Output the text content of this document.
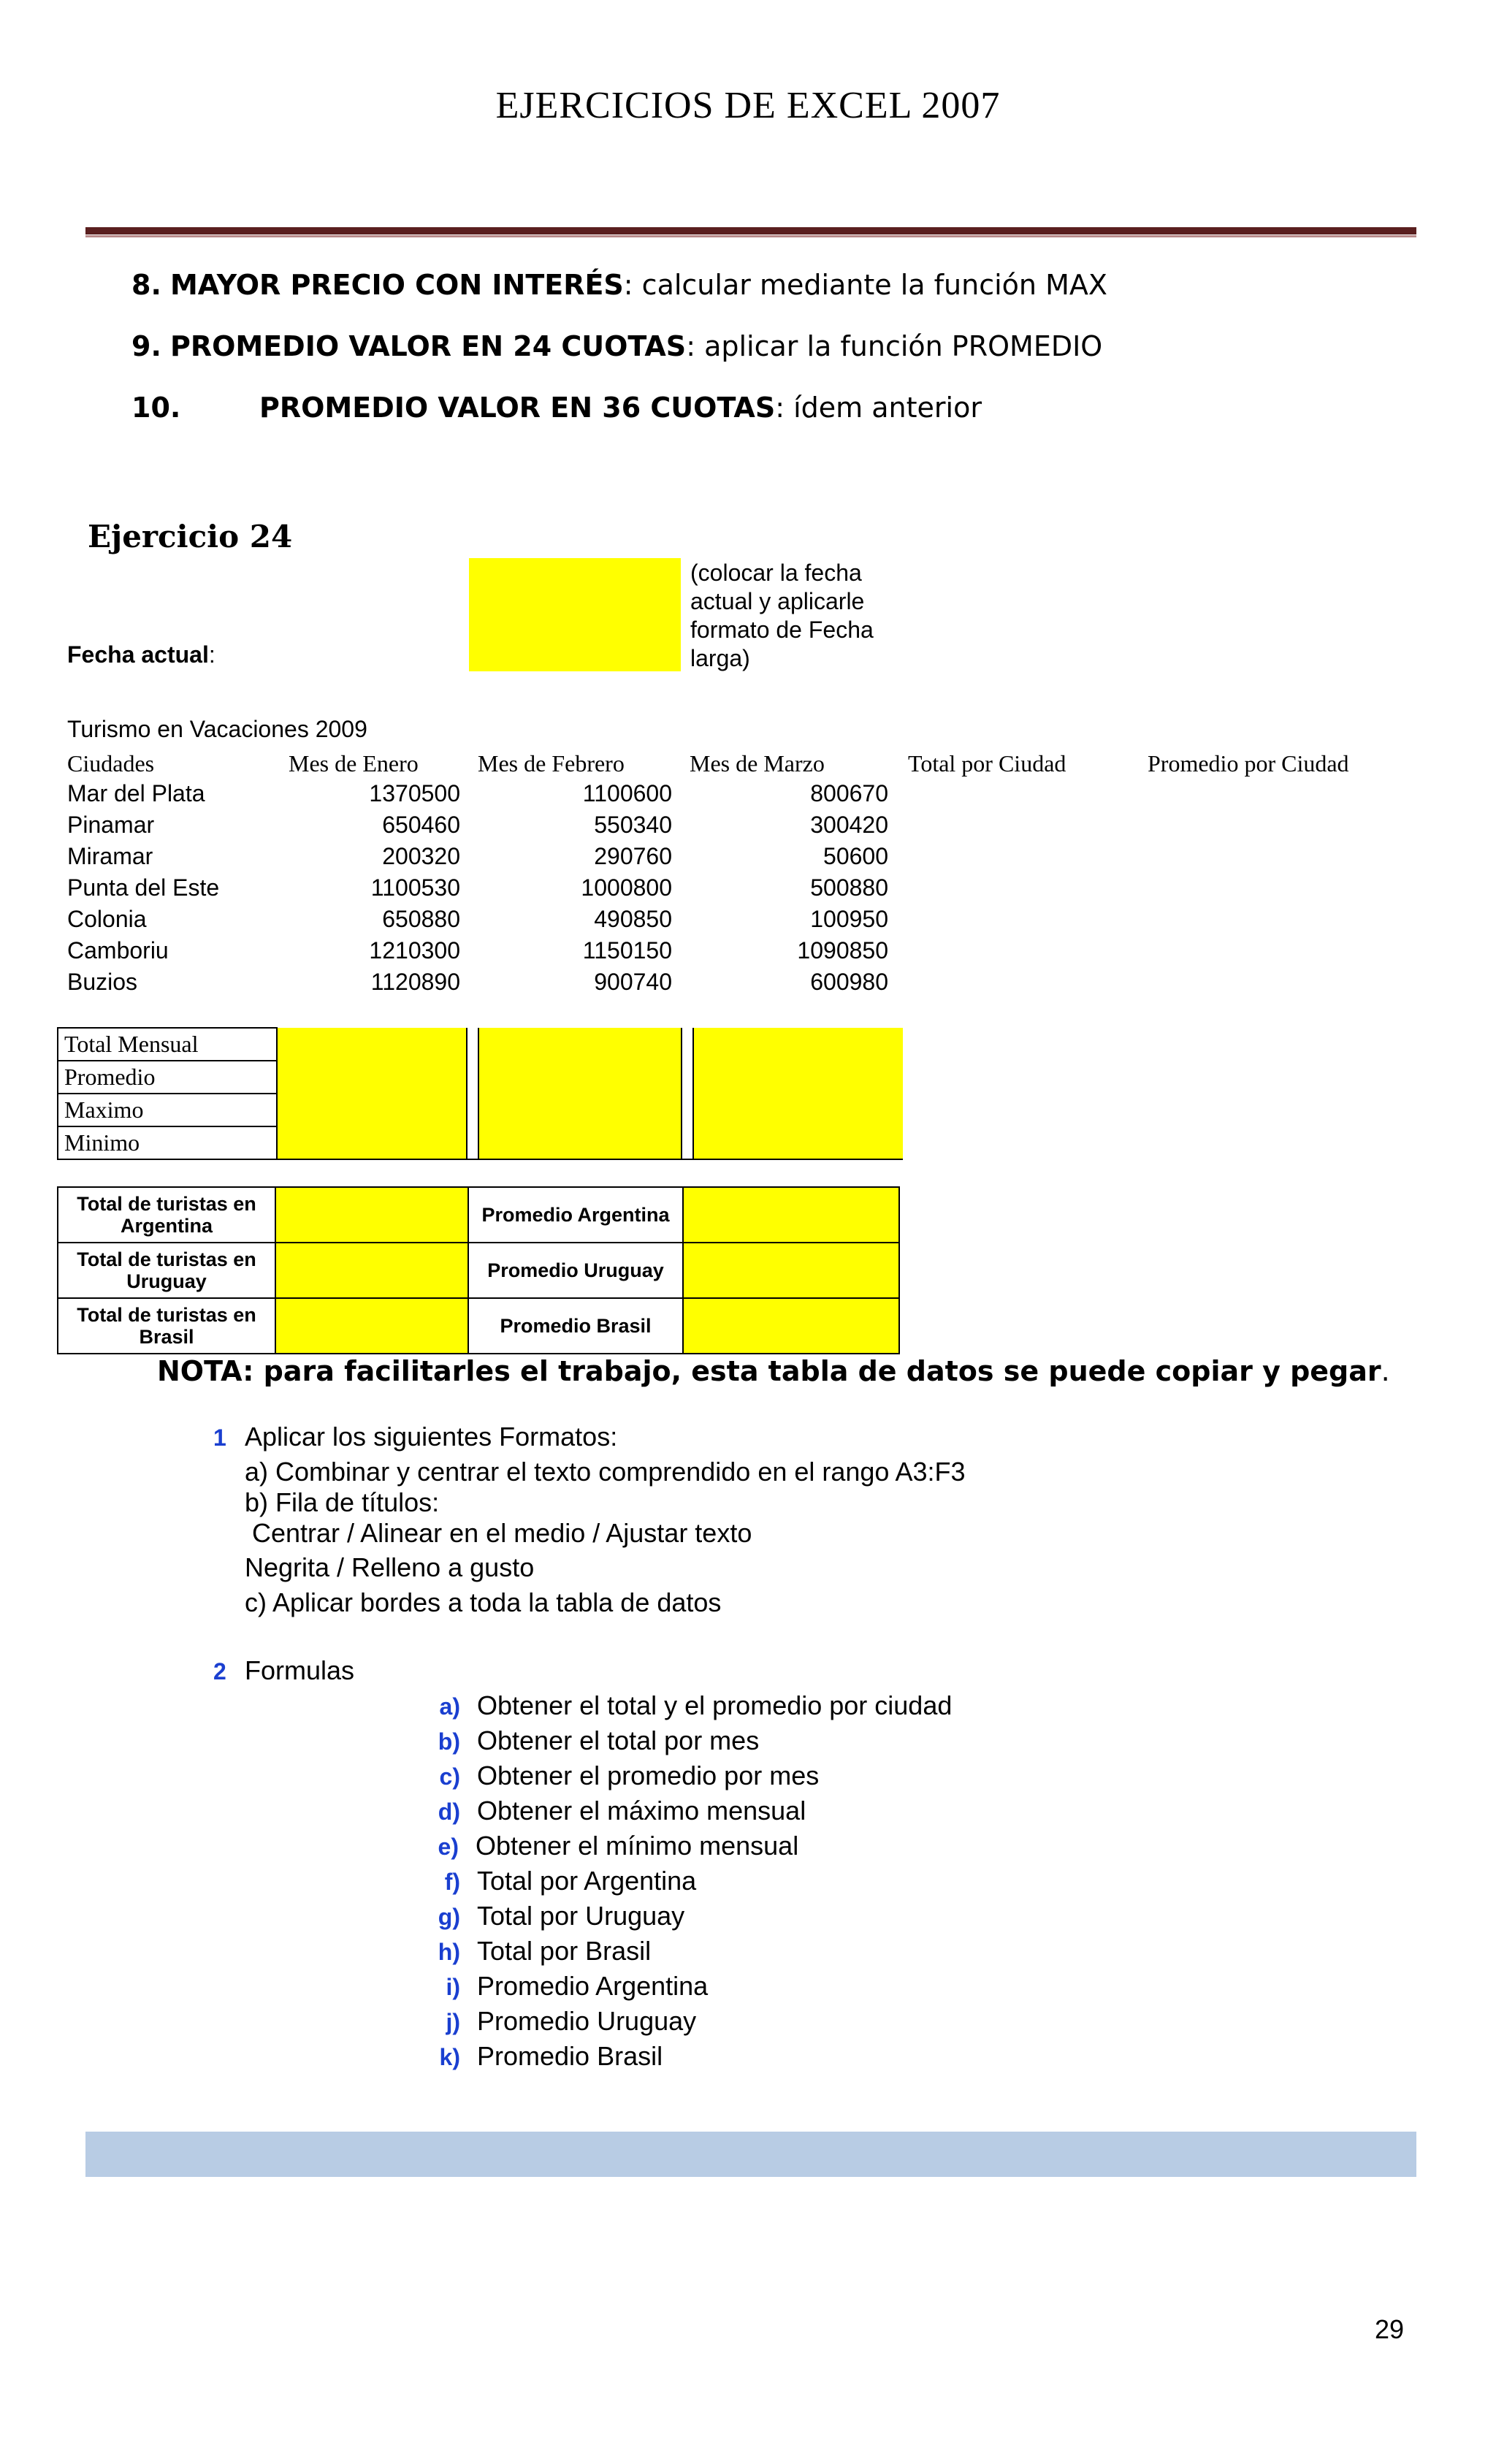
EJERCICIOS DE EXCEL 2007
8. MAYOR PRECIO CON INTERÉS: calcular mediante la función MAX
9. PROMEDIO VALOR EN 24 CUOTAS: aplicar la función PROMEDIO
10.	PROMEDIO VALOR EN 36 CUOTAS: ídem anterior
Ejercicio 24
Fecha actual:
(colocar la fecha
actual y aplicarle
formato de Fecha
larga)
Turismo en Vacaciones 2009
Ciudades	Mes de Enero	Mes de Febrero	Mes de Marzo	Total por Ciudad	Promedio por Ciudad
Mar del Plata	1370500	1100600	800670
Pinamar	650460	550340	300420
Miramar	200320	290760	50600
Punta del Este	1100530	1000800	500880
Colonia	650880	490850	100950
Camboriu	1210300	1150150	1090850
Buzios	1120890	900740	600980
Total Mensual					
Promedio					
Maximo					
Minimo					
Total de turistas en Argentina		Promedio Argentina	
Total de turistas en Uruguay		Promedio Uruguay	
Total de turistas en Brasil		Promedio Brasil	
NOTA: para facilitarles el trabajo, esta tabla de datos se puede copiar y pegar.
1 Aplicar los siguientes Formatos:
a) Combinar y centrar el texto comprendido en el rango A3:F3
b) Fila de títulos:
Centrar / Alinear en el medio / Ajustar texto
Negrita / Relleno a gusto
c) Aplicar bordes a toda la tabla de datos
2 Formulas
a) Obtener el total y el promedio por ciudad
b) Obtener el total por mes
c) Obtener el promedio por mes
d) Obtener el máximo mensual
e) Obtener el mínimo mensual
f) Total por Argentina
g) Total por Uruguay
h) Total por Brasil
i) Promedio Argentina
j) Promedio Uruguay
k) Promedio Brasil
29
